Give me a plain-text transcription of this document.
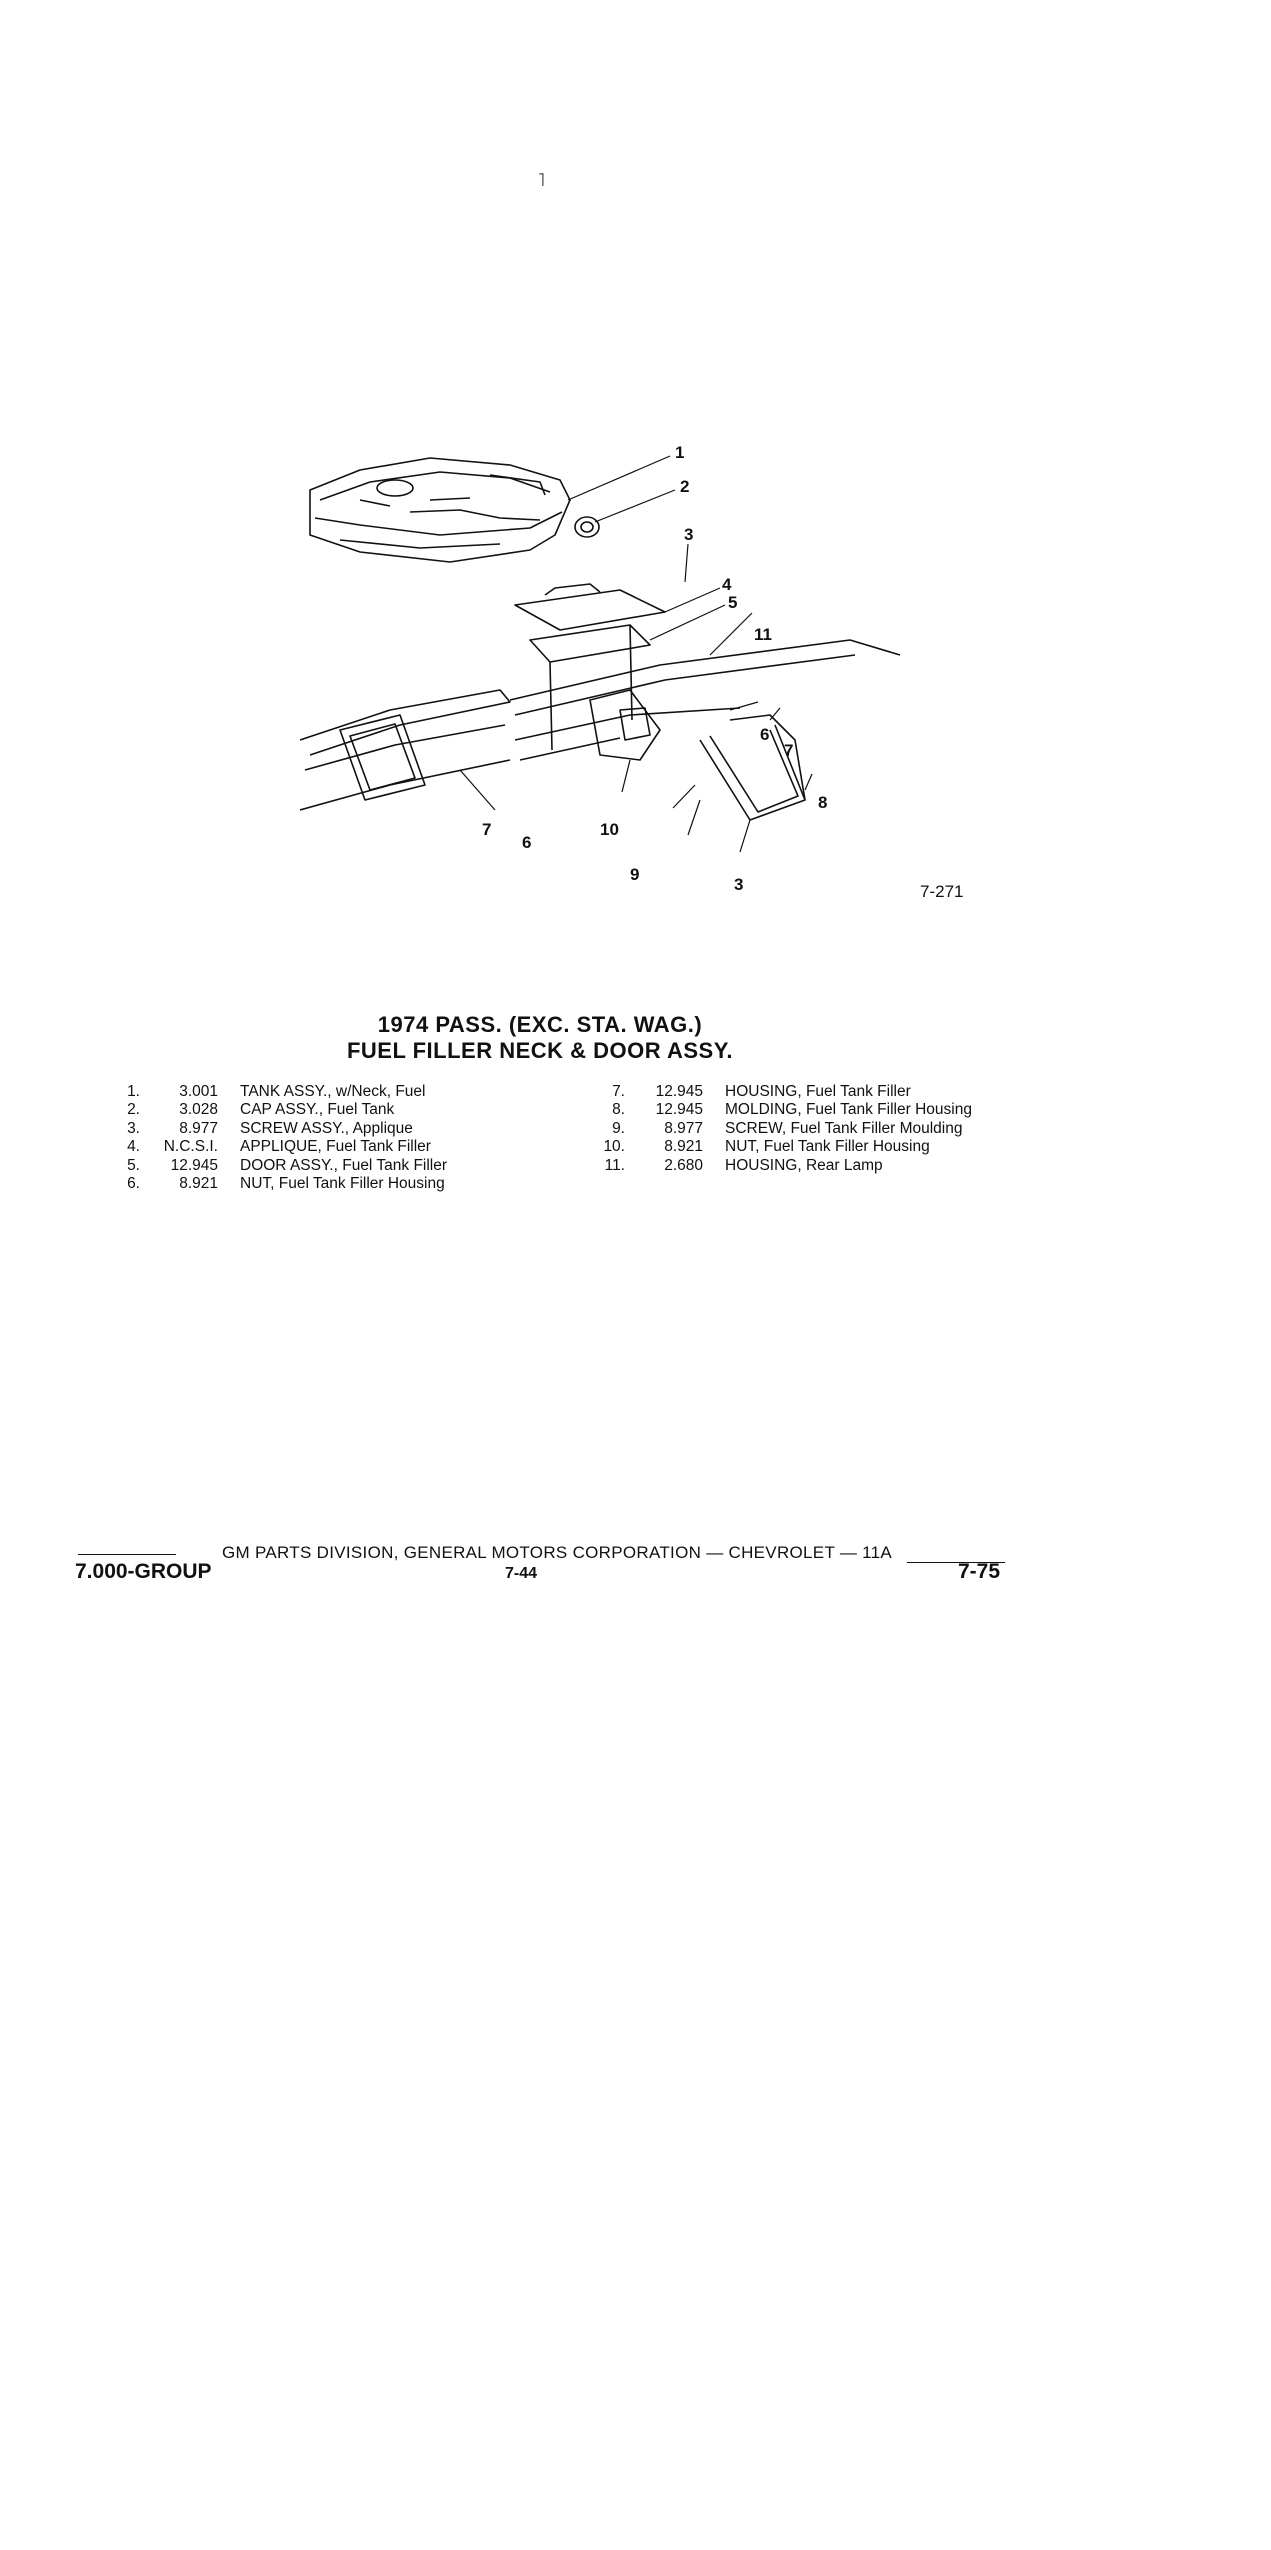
˥
1
2
3
4
5
11
6
7
8
3
9
10
6
7
7-271
1974 PASS. (EXC. STA. WAG.)
FUEL FILLER NECK & DOOR ASSY.
1.	3.001	TANK ASSY., w/Neck, Fuel
2.	3.028	CAP ASSY., Fuel Tank
3.	8.977	SCREW ASSY., Applique
4.	N.C.S.I.	APPLIQUE, Fuel Tank Filler
5.	12.945	DOOR ASSY., Fuel Tank Filler
6.	8.921	NUT, Fuel Tank Filler Housing
7.	12.945	HOUSING, Fuel Tank Filler
8.	12.945	MOLDING, Fuel Tank Filler Housing
9.	8.977	SCREW, Fuel Tank Filler Moulding
10.	8.921	NUT, Fuel Tank Filler Housing
11.	2.680	HOUSING, Rear Lamp
GM PARTS DIVISION, GENERAL MOTORS CORPORATION — CHEVROLET — 11A
7.000-GROUP	7-44	7-75
